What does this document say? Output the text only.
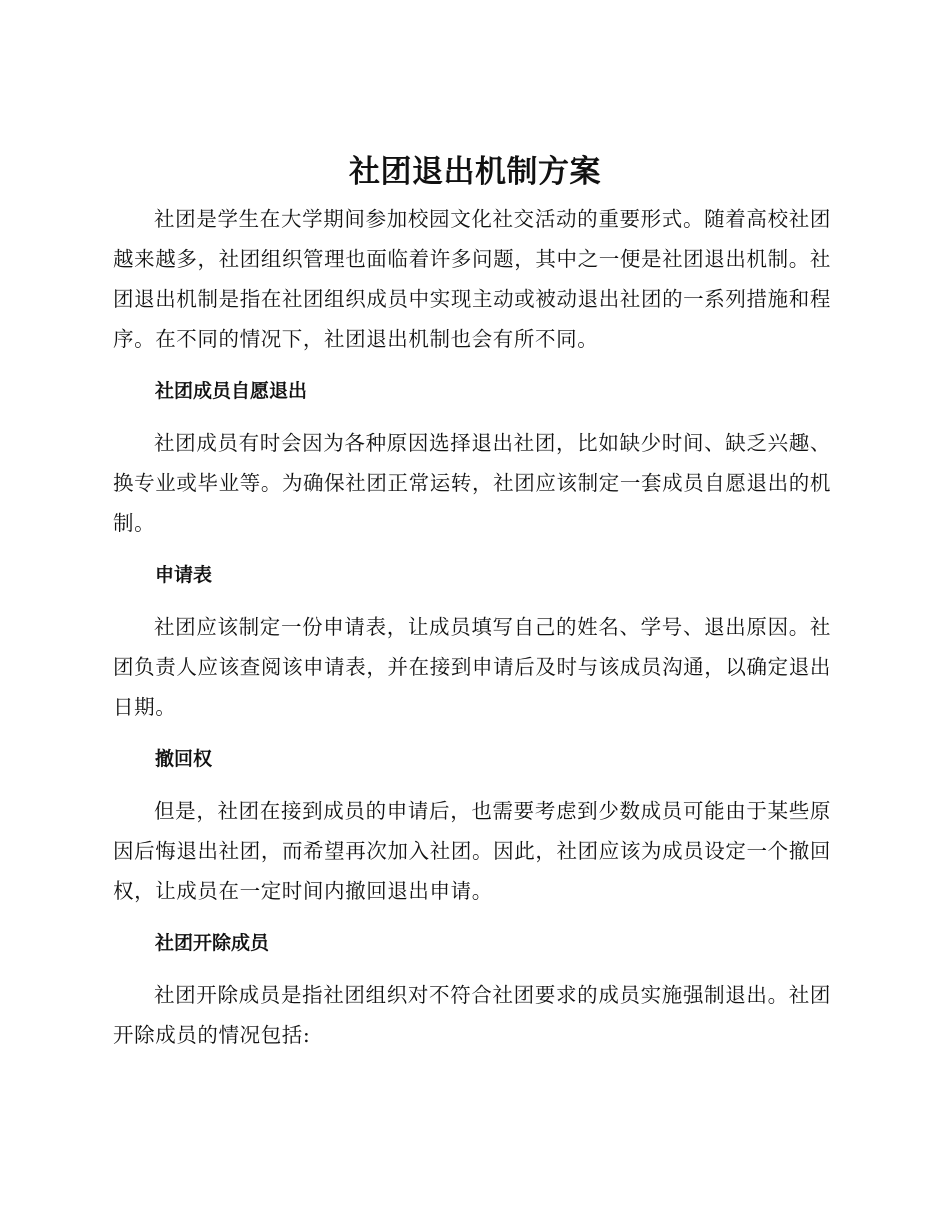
社团退出机制方案

社团是学生在大学期间参加校园文化社交活动的重要形式。随着高校社团越来越多，社团组织管理也面临着许多问题，其中之一便是社团退出机制。社团退出机制是指在社团组织成员中实现主动或被动退出社团的一系列措施和程序。在不同的情况下，社团退出机制也会有所不同。

社团成员自愿退出

社团成员有时会因为各种原因选择退出社团，比如缺少时间、缺乏兴趣、换专业或毕业等。为确保社团正常运转，社团应该制定一套成员自愿退出的机制。

申请表

社团应该制定一份申请表，让成员填写自己的姓名、学号、退出原因。社团负责人应该查阅该申请表，并在接到申请后及时与该成员沟通，以确定退出日期。

撤回权

但是，社团在接到成员的申请后，也需要考虑到少数成员可能由于某些原因后悔退出社团，而希望再次加入社团。因此，社团应该为成员设定一个撤回权，让成员在一定时间内撤回退出申请。

社团开除成员

社团开除成员是指社团组织对不符合社团要求的成员实施强制退出。社团开除成员的情况包括:
